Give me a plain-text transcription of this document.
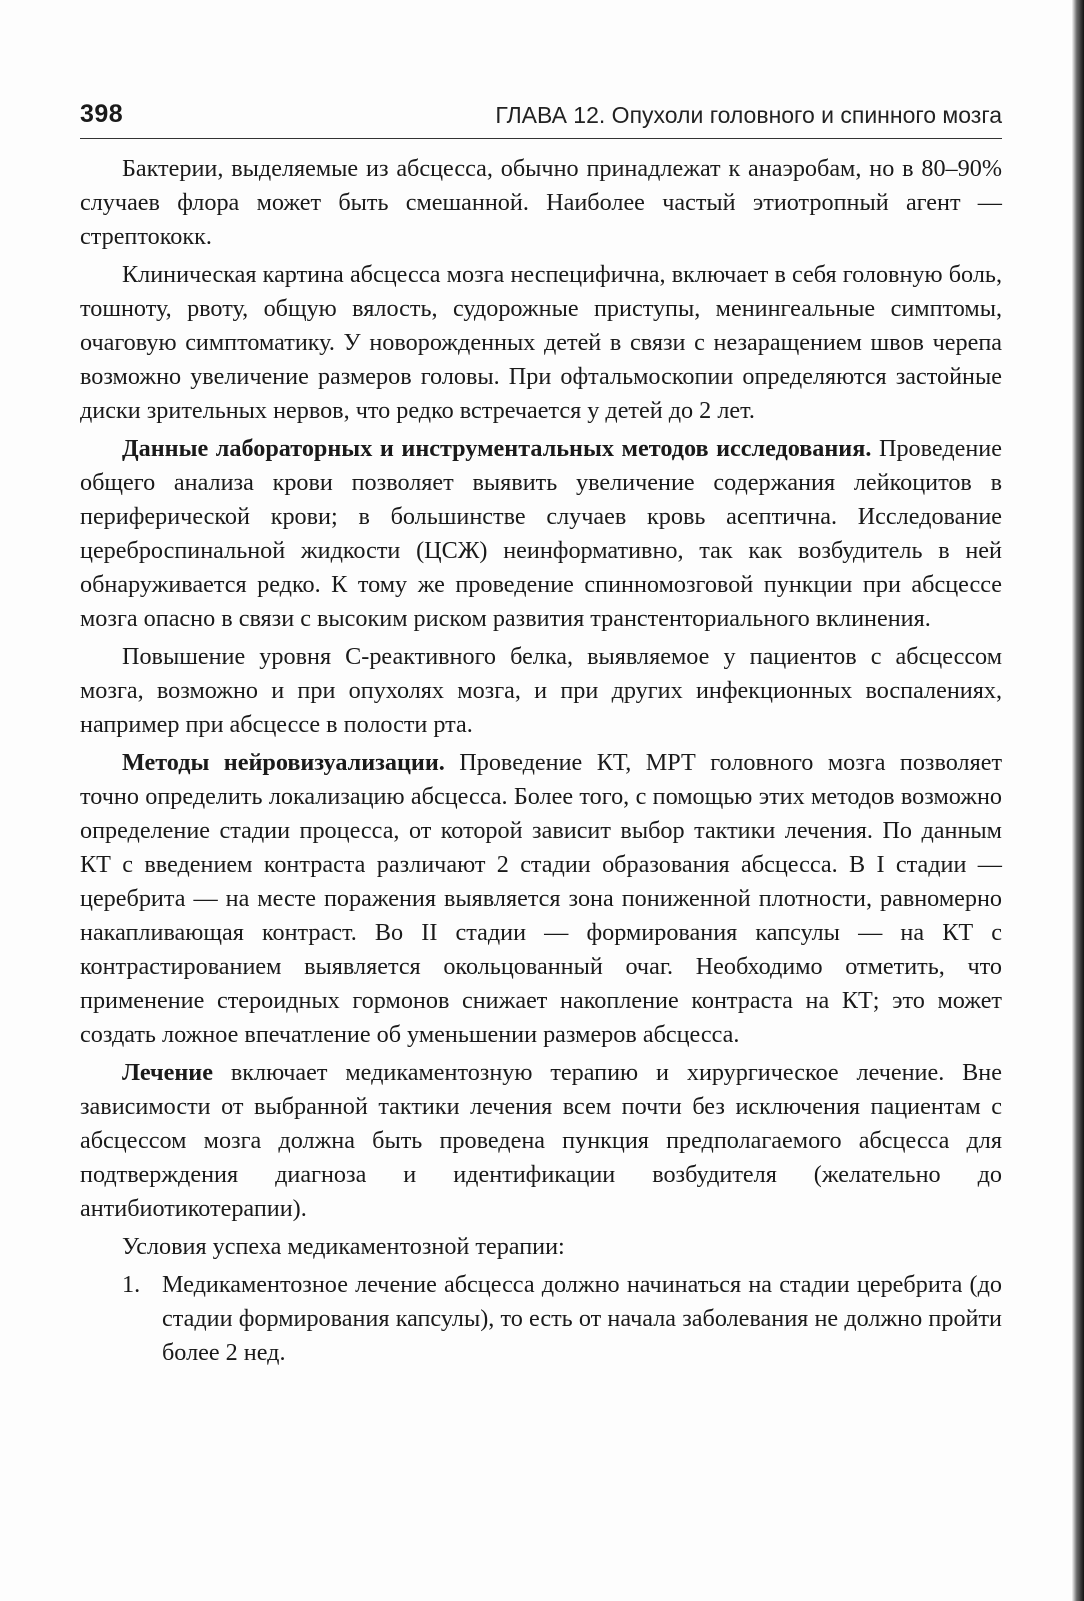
398	ГЛАВА 12. Опухоли головного и спинного мозга

Бактерии, выделяемые из абсцесса, обычно принадлежат к анаэробам, но в 80–90% случаев флора может быть смешанной. Наиболее частый этиотропный агент — стрептококк.

Клиническая картина абсцесса мозга неспецифична, включает в себя головную боль, тошноту, рвоту, общую вялость, судорожные приступы, менингеальные симптомы, очаговую симптоматику. У новорожденных детей в связи с незаращением швов черепа возможно увеличение размеров головы. При офтальмоскопии определяются застойные диски зрительных нервов, что редко встречается у детей до 2 лет.

Данные лабораторных и инструментальных методов исследования. Проведение общего анализа крови позволяет выявить увеличение содержания лейкоцитов в периферической крови; в большинстве случаев кровь асептична. Исследование цереброспинальной жидкости (ЦСЖ) неинформативно, так как возбудитель в ней обнаруживается редко. К тому же проведение спинномозговой пункции при абсцессе мозга опасно в связи с высоким риском развития транстенториального вклинения.

Повышение уровня С-реактивного белка, выявляемое у пациентов с абсцессом мозга, возможно и при опухолях мозга, и при других инфекционных воспалениях, например при абсцессе в полости рта.

Методы нейровизуализации. Проведение КТ, МРТ головного мозга позволяет точно определить локализацию абсцесса. Более того, с помощью этих методов возможно определение стадии процесса, от которой зависит выбор тактики лечения. По данным КТ с введением контраста различают 2 стадии образования абсцесса. В I стадии — церебрита — на месте поражения выявляется зона пониженной плотности, равномерно накапливающая контраст. Во II стадии — формирования капсулы — на КТ с контрастированием выявляется окольцованный очаг. Необходимо отметить, что применение стероидных гормонов снижает накопление контраста на КТ; это может создать ложное впечатление об уменьшении размеров абсцесса.

Лечение включает медикаментозную терапию и хирургическое лечение. Вне зависимости от выбранной тактики лечения всем почти без исключения пациентам с абсцессом мозга должна быть проведена пункция предполагаемого абсцесса для подтверждения диагноза и идентификации возбудителя (желательно до антибиотикотерапии).

Условия успеха медикаментозной терапии:

1. Медикаментозное лечение абсцесса должно начинаться на стадии церебрита (до стадии формирования капсулы), то есть от начала заболевания не должно пройти более 2 нед.
